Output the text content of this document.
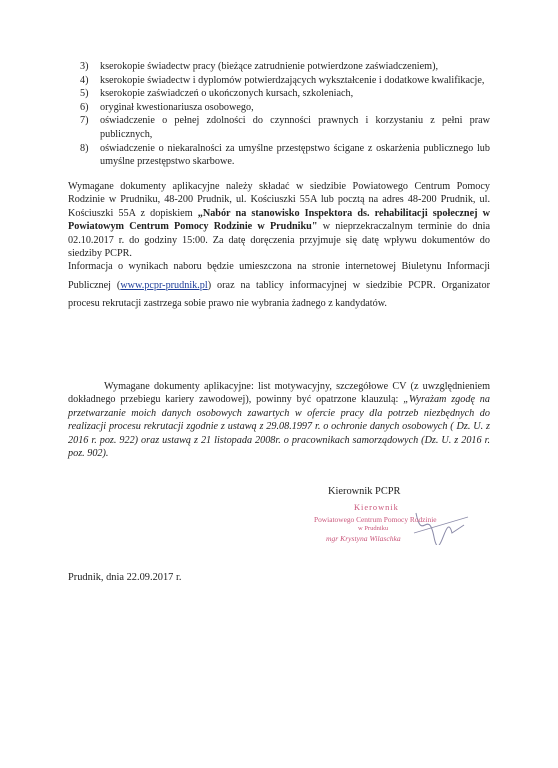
3) kserokopie świadectw pracy (bieżące zatrudnienie potwierdzone zaświadczeniem),
4) kserokopie świadectw i dyplomów potwierdzających wykształcenie i dodatkowe kwalifikacje,
5) kserokopie zaświadczeń o ukończonych kursach, szkoleniach,
6) oryginał kwestionariusza osobowego,
7) oświadczenie o pełnej zdolności do czynności prawnych i korzystaniu z pełni praw publicznych,
8) oświadczenie o niekaralności za umyślne przestępstwo ścigane z oskarżenia publicznego lub umyślne przestępstwo skarbowe.

Wymagane dokumenty aplikacyjne należy składać w siedzibie Powiatowego Centrum Pomocy Rodzinie w Prudniku, 48-200 Prudnik, ul. Kościuszki 55A lub pocztą na adres 48-200 Prudnik, ul. Kościuszki 55A z dopiskiem „Nabór na stanowisko Inspektora ds. rehabilitacji społecznej w Powiatowym Centrum Pomocy Rodzinie w Prudniku" w nieprzekraczalnym terminie do dnia 02.10.2017 r. do godziny 15:00. Za datę doręczenia przyjmuje się datę wpływu dokumentów do siedziby PCPR.

Informacja o wynikach naboru będzie umieszczona na stronie internetowej Biuletynu Informacji Publicznej (www.pcpr-prudnik.pl) oraz na tablicy informacyjnej w siedzibie PCPR. Organizator procesu rekrutacji zastrzega sobie prawo nie wybrania żadnego z kandydatów.

Wymagane dokumenty aplikacyjne: list motywacyjny, szczegółowe CV (z uwzględnieniem dokładnego przebiegu kariery zawodowej), powinny być opatrzone klauzulą: „Wyrażam zgodę na przetwarzanie moich danych osobowych zawartych w ofercie pracy dla potrzeb niezbędnych do realizacji procesu rekrutacji zgodnie z ustawą z 29.08.1997 r. o ochronie danych osobowych ( Dz. U. z 2016 r. poz. 922) oraz ustawą z 21 listopada 2008r. o pracownikach samorządowych (Dz. U. z 2016 r. poz. 902).

Kierownik PCPR
Kierownik
Powiatowego Centrum Pomocy Rodzinie
w Prudniku
mgr Krystyna Wilaschka
Prudnik, dnia 22.09.2017 r.
